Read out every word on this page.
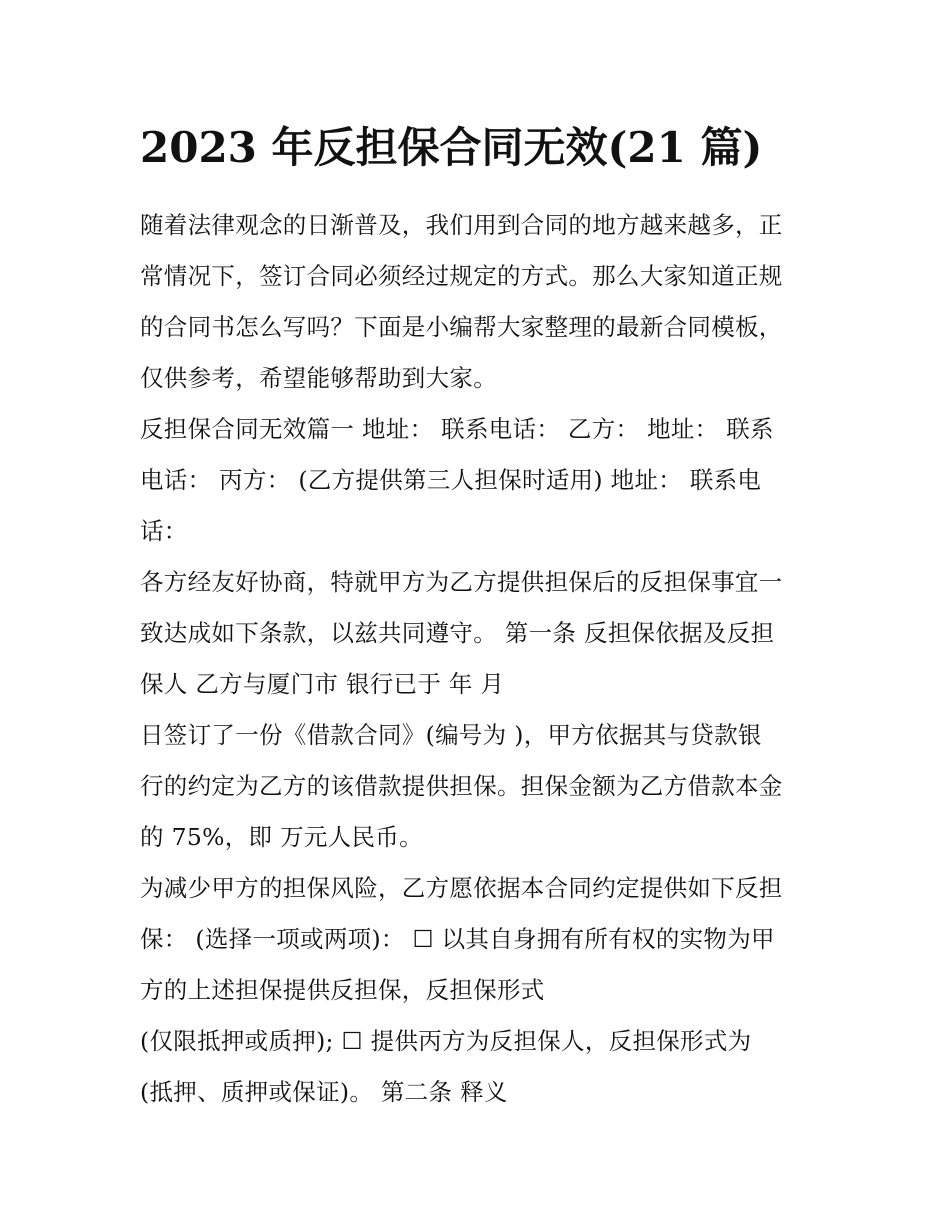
2023 年反担保合同无效(21 篇)
随着法律观念的日渐普及，我们用到合同的地方越来越多，正
常情况下，签订合同必须经过规定的方式。那么大家知道正规
的合同书怎么写吗？下面是小编帮大家整理的最新合同模板，
仅供参考，希望能够帮助到大家。
反担保合同无效篇一 地址： 联系电话： 乙方： 地址： 联系
电话： 丙方： (乙方提供第三人担保时适用) 地址： 联系电
话：
各方经友好协商，特就甲方为乙方提供担保后的反担保事宜一
致达成如下条款，以兹共同遵守。 第一条 反担保依据及反担
保人 乙方与厦门市 银行已于 年 月
日签订了一份《借款合同》(编号为 )，甲方依据其与贷款银
行的约定为乙方的该借款提供担保。担保金额为乙方借款本金
的 75%，即 万元人民币。
为减少甲方的担保风险，乙方愿依据本合同约定提供如下反担
保： (选择一项或两项)： ☐ 以其自身拥有所有权的实物为甲
方的上述担保提供反担保，反担保形式
(仅限抵押或质押); ☐ 提供丙方为反担保人，反担保形式为
(抵押、质押或保证)。 第二条 释义
